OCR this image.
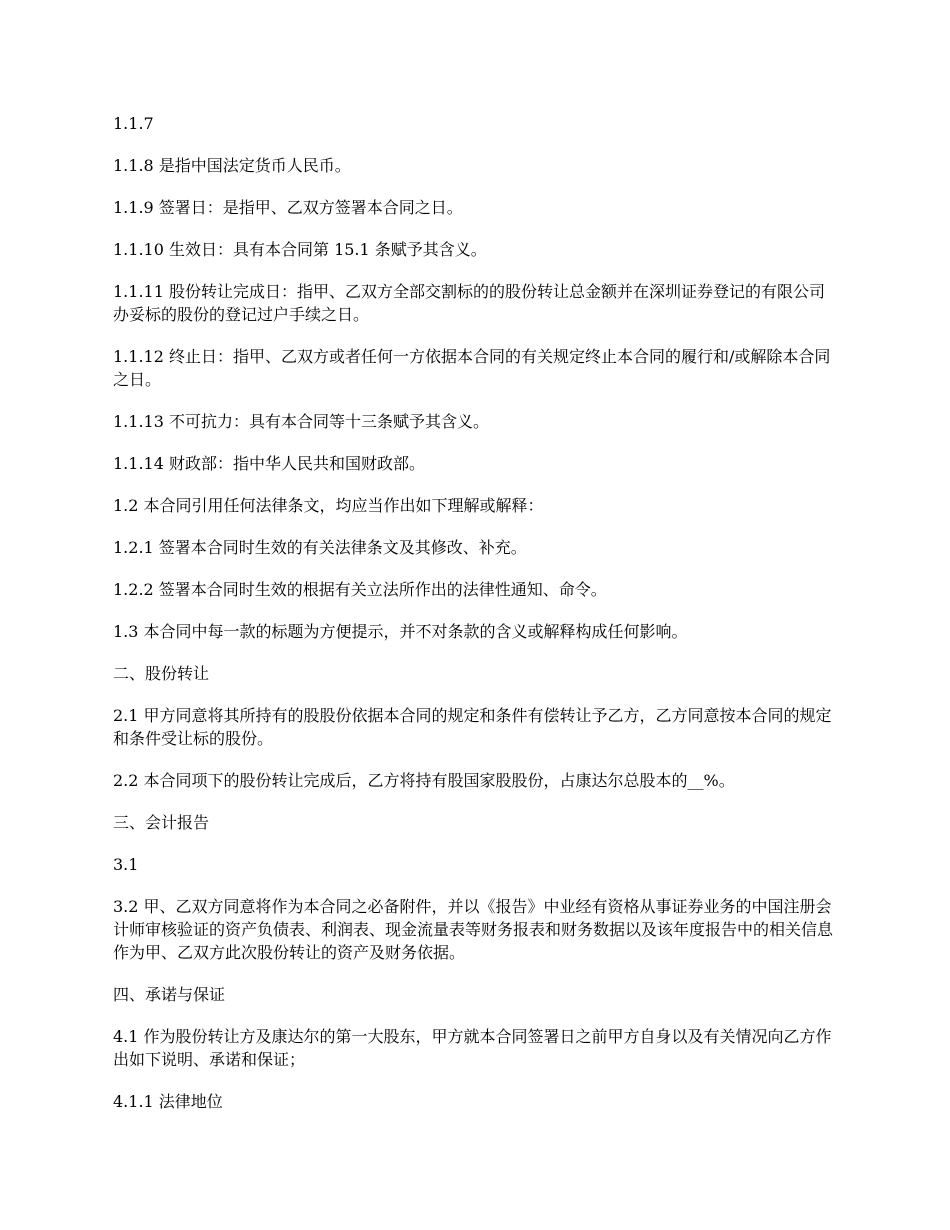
1.1.7

1.1.8 是指中国法定货币人民币。

1.1.9 签署日：是指甲、乙双方签署本合同之日。

1.1.10 生效日：具有本合同第 15.1 条赋予其含义。

1.1.11 股份转让完成日：指甲、乙双方全部交割标的的股份转让总金额并在深圳证券登记的有限公司办妥标的股份的登记过户手续之日。

1.1.12 终止日：指甲、乙双方或者任何一方依据本合同的有关规定终止本合同的履行和/或解除本合同之日。

1.1.13 不可抗力：具有本合同等十三条赋予其含义。

1.1.14 财政部：指中华人民共和国财政部。

1.2 本合同引用任何法律条文，均应当作出如下理解或解释：

1.2.1 签署本合同时生效的有关法律条文及其修改、补充。

1.2.2 签署本合同时生效的根据有关立法所作出的法律性通知、命令。

1.3 本合同中每一款的标题为方便提示，并不对条款的含义或解释构成任何影响。

二、股份转让

2.1 甲方同意将其所持有的股股份依据本合同的规定和条件有偿转让予乙方，乙方同意按本合同的规定和条件受让标的股份。

2.2 本合同项下的股份转让完成后，乙方将持有股国家股股份，占康达尔总股本的__%。

三、会计报告

3.1

3.2 甲、乙双方同意将作为本合同之必备附件，并以《报告》中业经有资格从事证券业务的中国注册会计师审核验证的资产负债表、利润表、现金流量表等财务报表和财务数据以及该年度报告中的相关信息作为甲、乙双方此次股份转让的资产及财务依据。

四、承诺与保证

4.1 作为股份转让方及康达尔的第一大股东，甲方就本合同签署日之前甲方自身以及有关情况向乙方作出如下说明、承诺和保证；

4.1.1 法律地位
